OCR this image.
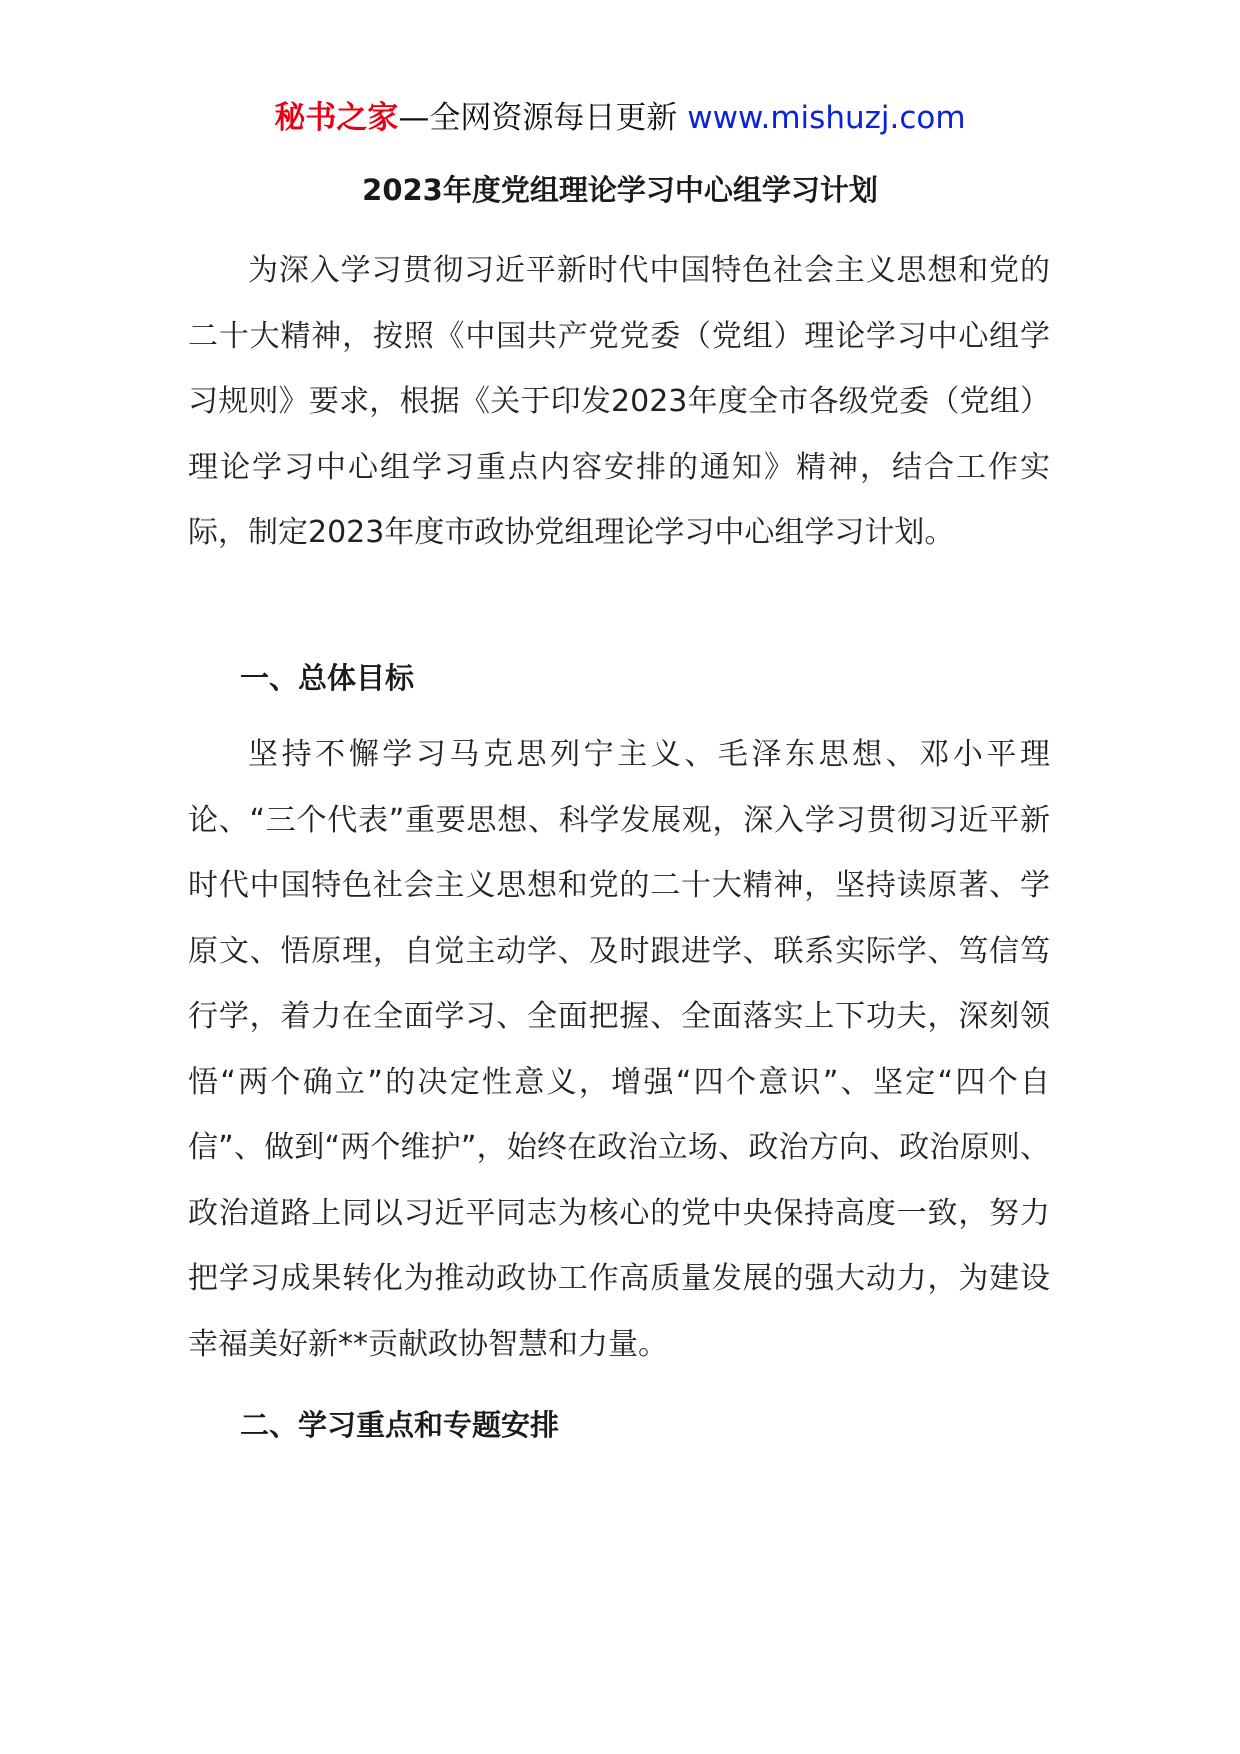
秘书之家—全网资源每日更新 www.mishuzj.com
2023年度党组理论学习中心组学习计划

为深入学习贯彻习近平新时代中国特色社会主义思想和党的二十大精神，按照《中国共产党党委（党组）理论学习中心组学习规则》要求，根据《关于印发2023年度全市各级党委（党组）理论学习中心组学习重点内容安排的通知》精神，结合工作实际，制定2023年度市政协党组理论学习中心组学习计划。

一、总体目标

坚持不懈学习马克思列宁主义、毛泽东思想、邓小平理论、“三个代表”重要思想、科学发展观，深入学习贯彻习近平新时代中国特色社会主义思想和党的二十大精神，坚持读原著、学原文、悟原理，自觉主动学、及时跟进学、联系实际学、笃信笃行学，着力在全面学习、全面把握、全面落实上下功夫，深刻领悟“两个确立”的决定性意义，增强“四个意识”、坚定“四个自信”、做到“两个维护”，始终在政治立场、政治方向、政治原则、政治道路上同以习近平同志为核心的党中央保持高度一致，努力把学习成果转化为推动政协工作高质量发展的强大动力，为建设幸福美好新**贡献政协智慧和力量。

二、学习重点和专题安排
